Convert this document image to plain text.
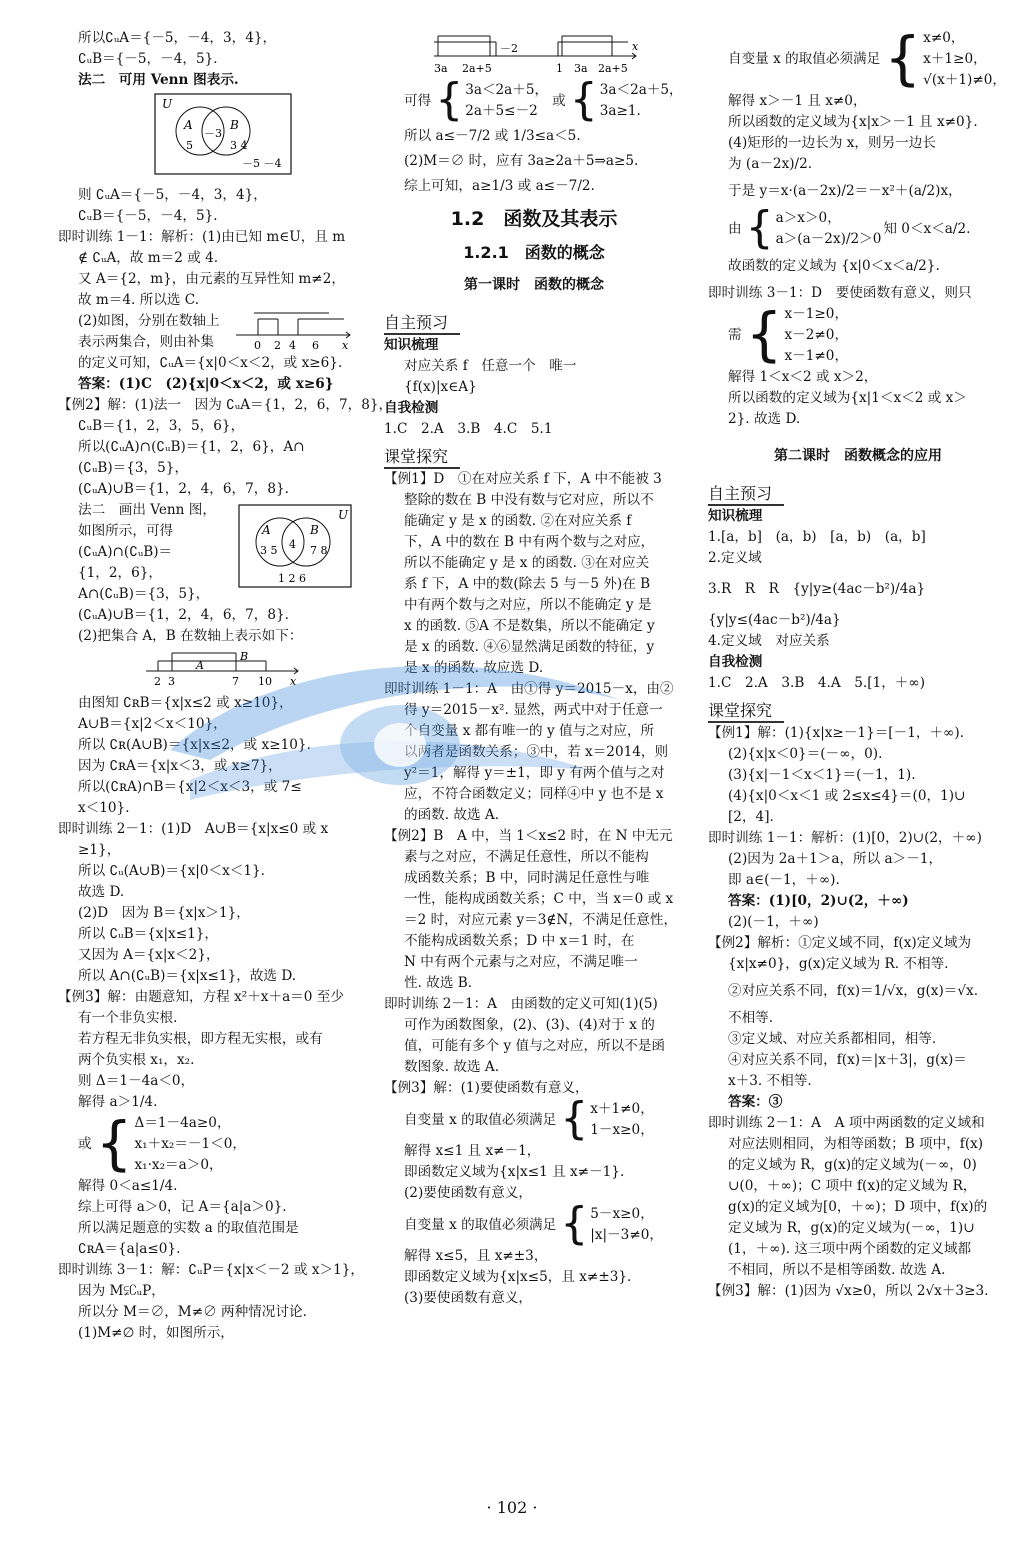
所以∁ᵤA＝{－5，－4，3，4}，
∁ᵤB＝{－5，－4，5}.
法二　可用 Venn 图表示.
U
A	B
－3
5	3 4
－5 －4
则 ∁ᵤA＝{－5，－4，3，4}，
∁ᵤB＝{－5，－4，5}.
即时训练 1－1：解析：(1)由已知 m∈U，且 m
∉ ∁ᵤA，故 m＝2 或 4.
又 A＝{2，m}，由元素的互异性知 m≠2，
故 m＝4. 所以选 C.
(2)如图，分别在数轴上
表示两集合，则由补集	0 2 4 6 x
的定义可知，∁ᵤA＝{x|0＜x＜2，或 x≥6}.
答案：(1)C　(2){x|0＜x＜2，或 x≥6}
【例2】解：(1)法一　因为 ∁ᵤA＝{1，2，6，7，8}，
∁ᵤB＝{1，2，3，5，6}，
所以(∁ᵤA)∩(∁ᵤB)＝{1，2，6}，A∩
(∁ᵤB)＝{3，5}，
(∁ᵤA)∪B＝{1，2，4，6，7，8}.
法二　画出 Venn 图，
如图所示，可得
(∁ᵤA)∩(∁ᵤB)＝
{1，2，6}，
A∩(∁ᵤB)＝{3，5}，
U
A	B
3 5 4 7 8
1 2 6
(∁ᵤA)∪B＝{1，2，4，6，7，8}.
(2)把集合 A，B 在数轴上表示如下：
A
B
2 3	7 10 x
由图知 ∁ʀB＝{x|x≤2 或 x≥10}，
A∪B＝{x|2＜x＜10}，
所以 ∁ʀ(A∪B)＝{x|x≤2，或 x≥10}.
因为 ∁ʀA＝{x|x＜3，或 x≥7}，
所以(∁ʀA)∩B＝{x|2＜x＜3，或 7≤
x＜10}.
即时训练 2－1：(1)D　A∪B＝{x|x≤0 或 x
≥1}，
所以 ∁ᵤ(A∪B)＝{x|0＜x＜1}.
故选 D.
(2)D　因为 B＝{x|x＞1}，
所以 ∁ᵤB＝{x|x≤1}，
又因为 A＝{x|x＜2}，
所以 A∩(∁ᵤB)＝{x|x≤1}，故选 D.
【例3】解：由题意知，方程 x²＋x＋a＝0 至少
有一个非负实根.
若方程无非负实根，即方程无实根，或有
两个负实根 x₁，x₂.
则 Δ＝1－4a＜0，
解得 a＞1/4.
或 { Δ＝1－4a≥0，
x₁＋x₂＝－1＜0，
x₁·x₂＝a＞0，
解得 0＜a≤1/4.
综上可得 a＞0，记 A＝{a|a＞0}.
所以满足题意的实数 a 的取值范围是
∁ʀA＝{a|a≤0}.
即时训练 3－1：解：∁ᵤP＝{x|x＜－2 或 x＞1}，
因为 M⫋∁ᵤP，
所以分 M＝∅，M≠∅ 两种情况讨论.
(1)M≠∅ 时，如图所示，
3a 2a+5
－2
1 3a 2a+5
x
可得 { 3a＜2a＋5，
2a＋5≤－2
或 { 3a＜2a＋5，
3a≥1.
所以 a≤－7/2 或 1/3≤a＜5.
(2)M＝∅ 时，应有 3a≥2a＋5⇒a≥5.
综上可知，a≥1/3 或 a≤－7/2.
1.2　函数及其表示
1.2.1　函数的概念
第一课时　函数的概念
自主预习
知识梳理
对应关系 f　任意一个　唯一
{f(x)|x∈A}
自我检测
1.C　2.A　3.B　4.C　5.1
课堂探究
【例1】D　①在对应关系 f 下，A 中不能被 3
整除的数在 B 中没有数与它对应，所以不
能确定 y 是 x 的函数. ②在对应关系 f
下，A 中的数在 B 中有两个数与之对应，
所以不能确定 y 是 x 的函数. ③在对应关
系 f 下，A 中的数(除去 5 与－5 外)在 B
中有两个数与之对应，所以不能确定 y 是
x 的函数. ⑤A 不是数集，所以不能确定 y
是 x 的函数. ④⑥显然满足函数的特征，y
是 x 的函数. 故应选 D.
即时训练 1－1：A　由①得 y＝2015－x，由②
得 y＝2015－x². 显然，两式中对于任意一
个自变量 x 都有唯一的 y 值与之对应，所
以两者是函数关系；③中，若 x＝2014，则
y²＝1，解得 y＝±1，即 y 有两个值与之对
应，不符合函数定义；同样④中 y 也不是 x
的函数. 故选 A.
【例2】B　A 中，当 1＜x≤2 时，在 N 中无元
素与之对应，不满足任意性，所以不能构
成函数关系；B 中，同时满足任意性与唯
一性，能构成函数关系；C 中，当 x＝0 或 x
＝2 时，对应元素 y＝3∉N，不满足任意性，
不能构成函数关系；D 中 x＝1 时，在
N 中有两个元素与之对应，不满足唯一
性. 故选 B.
即时训练 2－1：A　由函数的定义可知(1)(5)
可作为函数图象，(2)、(3)、(4)对于 x 的
值，可能有多个 y 值与之对应，所以不是函
数图象. 故选 A.
【例3】解：(1)要使函数有意义，
自变量 x 的取值必须满足 { x＋1≠0，
1－x≥0，
解得 x≤1 且 x≠－1，
即函数定义域为{x|x≤1 且 x≠－1}.
(2)要使函数有意义，
自变量 x 的取值必须满足 { 5－x≥0，
|x|－3≠0，
解得 x≤5，且 x≠±3，
即函数定义域为{x|x≤5，且 x≠±3}.
(3)要使函数有意义，
自变量 x 的取值必须满足 { x≠0，
x＋1≥0，
√(x＋1)≠0，
解得 x＞－1 且 x≠0，
所以函数的定义域为{x|x＞－1 且 x≠0}.
(4)矩形的一边长为 x，则另一边长
为 (a－2x)/2.
于是 y＝x·(a－2x)/2＝－x²＋(a/2)x，
由 { a＞x＞0，
a＞(a－2x)/2＞0
知 0＜x＜a/2.
故函数的定义域为 {x|0＜x＜a/2}.
即时训练 3－1：D　要使函数有意义，则只
需 { x－1≥0，
x－2≠0，
x－1≠0，
解得 1＜x＜2 或 x＞2，
所以函数的定义域为{x|1＜x＜2 或 x＞
2}. 故选 D.
第二课时　函数概念的应用
自主预习
知识梳理
1.[a，b]　(a，b)　[a，b)　(a，b]
2.定义域
3.R　R　R　{y|y≥(4ac－b²)/4a}
{y|y≤(4ac－b²)/4a}
4.定义域　对应关系
自我检测
1.C　2.A　3.B　4.A　5.[1，＋∞)
课堂探究
【例1】解：(1){x|x≥－1}＝[－1，＋∞).
(2){x|x＜0}＝(－∞，0).
(3){x|－1＜x＜1}＝(－1，1).
(4){x|0＜x＜1 或 2≤x≤4}＝(0，1)∪
[2，4].
即时训练 1－1：解析：(1)[0，2)∪(2，＋∞)
(2)因为 2a＋1＞a，所以 a＞－1，
即 a∈(－1，＋∞).
答案：(1)[0，2)∪(2，＋∞)
(2)(－1，＋∞)
【例2】解析：①定义域不同，f(x)定义域为
{x|x≠0}，g(x)定义域为 R. 不相等.
②对应关系不同，f(x)＝1/√x，g(x)＝√x.
不相等.
③定义域、对应关系都相同，相等.
④对应关系不同，f(x)＝|x＋3|，g(x)＝
x＋3. 不相等.
答案：③
即时训练 2－1：A　A 项中两函数的定义域和
对应法则相同，为相等函数；B 项中，f(x)
的定义域为 R，g(x)的定义域为(－∞，0)
∪(0，＋∞)；C 项中 f(x)的定义域为 R，
g(x)的定义域为[0，＋∞)；D 项中，f(x)的
定义域为 R，g(x)的定义域为(－∞，1)∪
(1，＋∞). 这三项中两个函数的定义域都
不相同，所以不是相等函数. 故选 A.
【例3】解：(1)因为 √x≥0，所以 2√x＋3≥3.
· 102 ·
